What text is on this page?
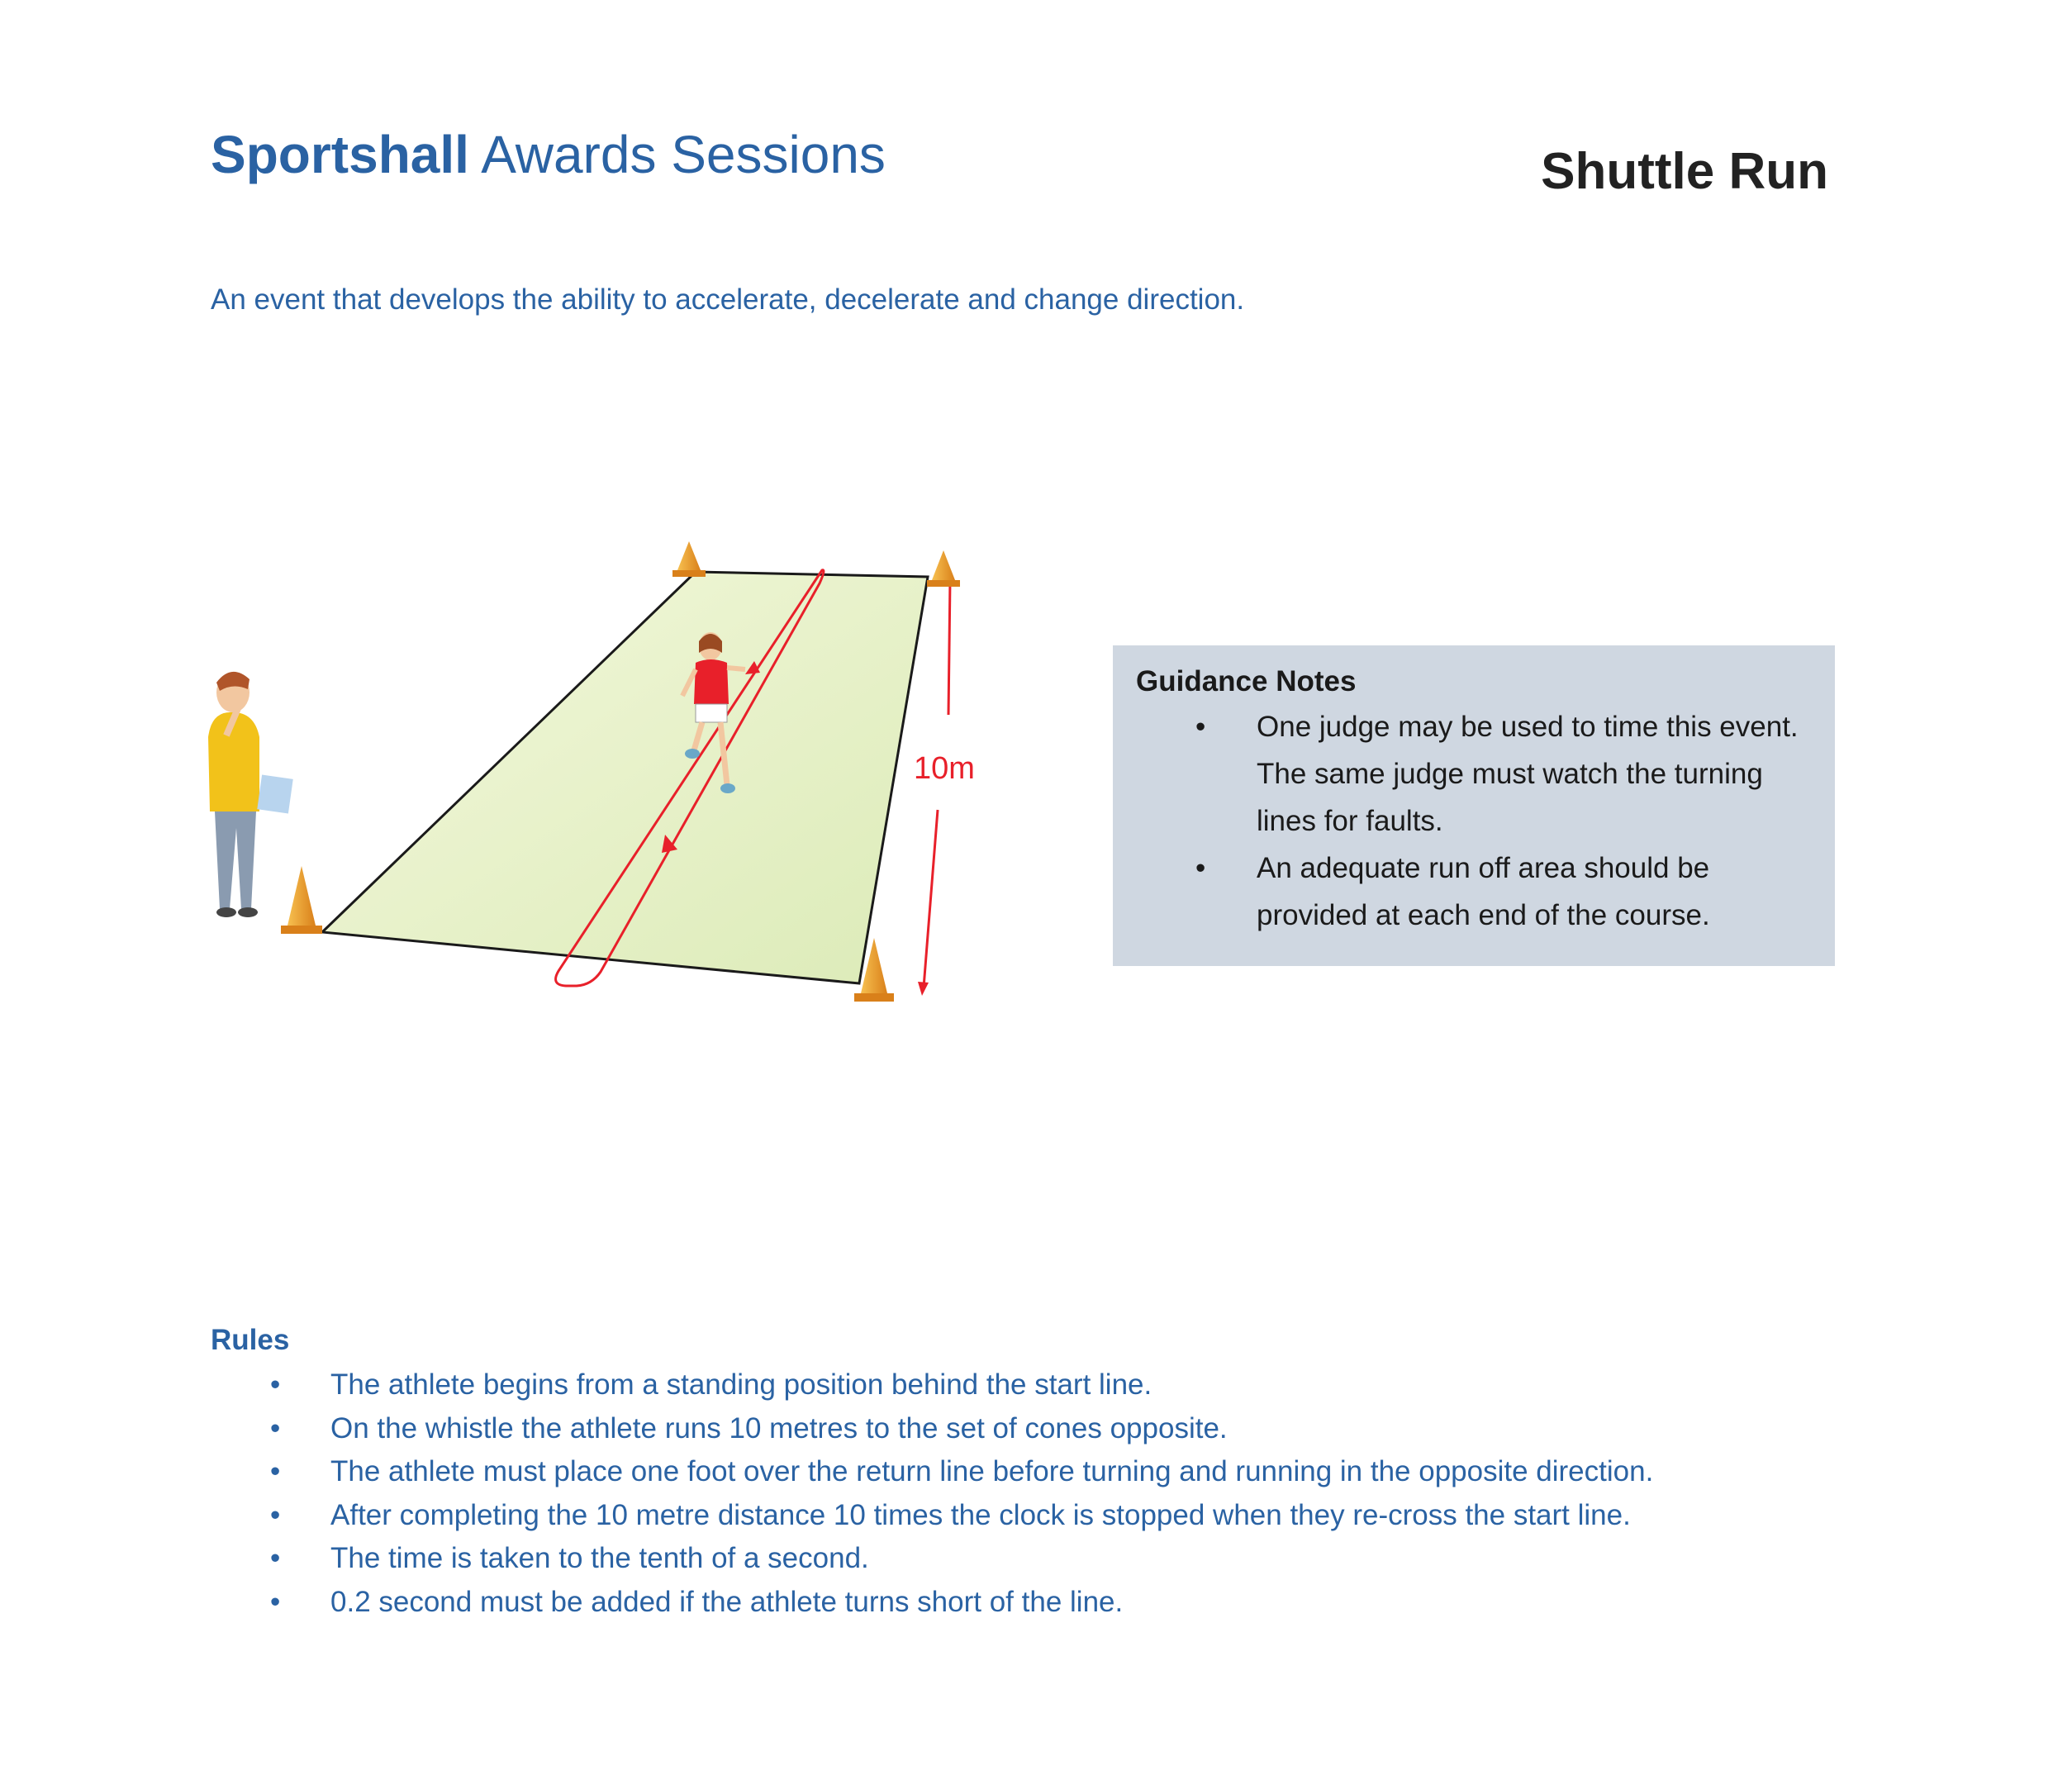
Sportshall Awards Sessions	Shuttle Run
An event that develops the ability to accelerate, decelerate and change direction.
10m
Guidance Notes
• One judge may be used to time this event. The same judge must watch the turning lines for faults.
• An adequate run off area should be provided at each end of the course.
Rules
• The athlete begins from a standing position behind the start line.
• On the whistle the athlete runs 10 metres to the set of cones opposite.
• The athlete must place one foot over the return line before turning and running in the opposite direction.
• After completing the 10 metre distance 10 times the clock is stopped when they re-cross the start line.
• The time is taken to the tenth of a second.
• 0.2 second must be added if the athlete turns short of the line.
